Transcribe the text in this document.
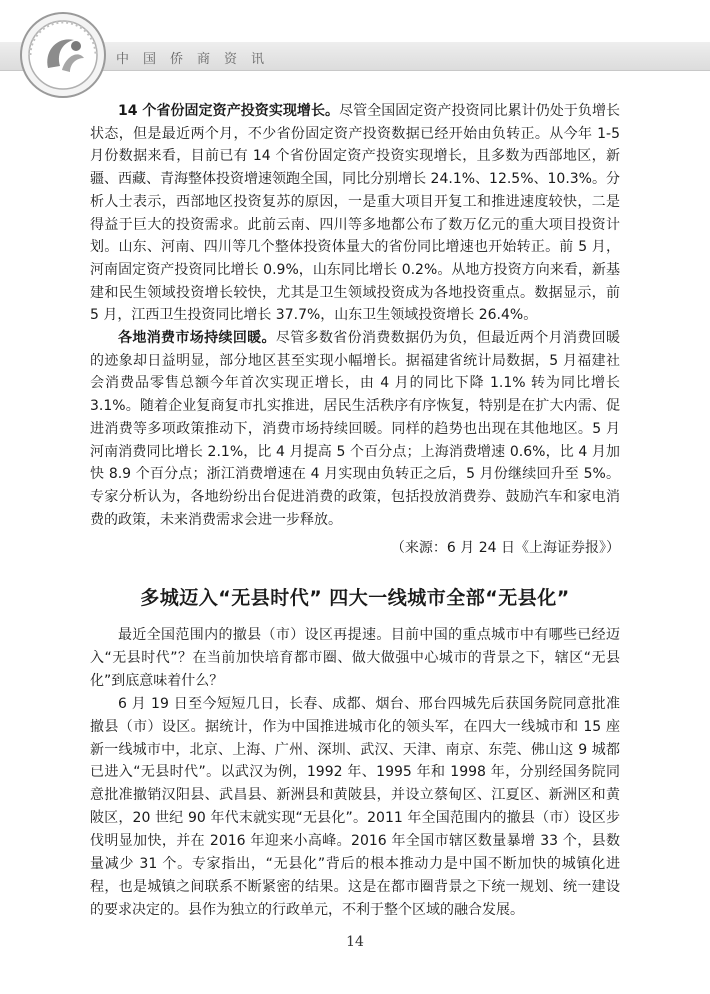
中国侨商资讯

14 个省份固定资产投资实现增长。尽管全国固定资产投资同比累计仍处于负增长状态，但是最近两个月，不少省份固定资产投资数据已经开始由负转正。从今年 1-5 月份数据来看，目前已有 14 个省份固定资产投资实现增长，且多数为西部地区，新疆、西藏、青海整体投资增速领跑全国，同比分别增长 24.1%、12.5%、10.3%。分析人士表示，西部地区投资复苏的原因，一是重大项目开复工和推进速度较快，二是得益于巨大的投资需求。此前云南、四川等多地都公布了数万亿元的重大项目投资计划。山东、河南、四川等几个整体投资体量大的省份同比增速也开始转正。前 5 月，河南固定资产投资同比增长 0.9%，山东同比增长 0.2%。从地方投资方向来看，新基建和民生领域投资增长较快，尤其是卫生领域投资成为各地投资重点。数据显示，前 5 月，江西卫生投资同比增长 37.7%，山东卫生领域投资增长 26.4%。

各地消费市场持续回暖。尽管多数省份消费数据仍为负，但最近两个月消费回暖的迹象却日益明显，部分地区甚至实现小幅增长。据福建省统计局数据，5 月福建社会消费品零售总额今年首次实现正增长，由 4 月的同比下降 1.1% 转为同比增长 3.1%。随着企业复商复市扎实推进，居民生活秩序有序恢复，特别是在扩大内需、促进消费等多项政策推动下，消费市场持续回暖。同样的趋势也出现在其他地区。5 月河南消费同比增长 2.1%，比 4 月提高 5 个百分点；上海消费增速 0.6%，比 4 月加快 8.9 个百分点；浙江消费增速在 4 月实现由负转正之后，5 月份继续回升至 5%。专家分析认为，各地纷纷出台促进消费的政策，包括投放消费券、鼓励汽车和家电消费的政策，未来消费需求会进一步释放。

（来源：6 月 24 日《上海证券报》）
多城迈入“无县时代” 四大一线城市全部“无县化”

最近全国范围内的撤县（市）设区再提速。目前中国的重点城市中有哪些已经迈入“无县时代”？在当前加快培育都市圈、做大做强中心城市的背景之下，辖区“无县化”到底意味着什么？

6 月 19 日至今短短几日，长春、成都、烟台、邢台四城先后获国务院同意批准撤县（市）设区。据统计，作为中国推进城市化的领头军，在四大一线城市和 15 座新一线城市中，北京、上海、广州、深圳、武汉、天津、南京、东莞、佛山这 9 城都已进入“无县时代”。以武汉为例，1992 年、1995 年和 1998 年，分别经国务院同意批准撤销汉阳县、武昌县、新洲县和黄陂县，并设立蔡甸区、江夏区、新洲区和黄陂区，20 世纪 90 年代末就实现“无县化”。2011 年全国范围内的撤县（市）设区步伐明显加快，并在 2016 年迎来小高峰。2016 年全国市辖区数量暴增 33 个，县数量减少 31 个。专家指出，“无县化”背后的根本推动力是中国不断加快的城镇化进程，也是城镇之间联系不断紧密的结果。这是在都市圈背景之下统一规划、统一建设的要求决定的。县作为独立的行政单元，不利于整个区域的融合发展。

14
